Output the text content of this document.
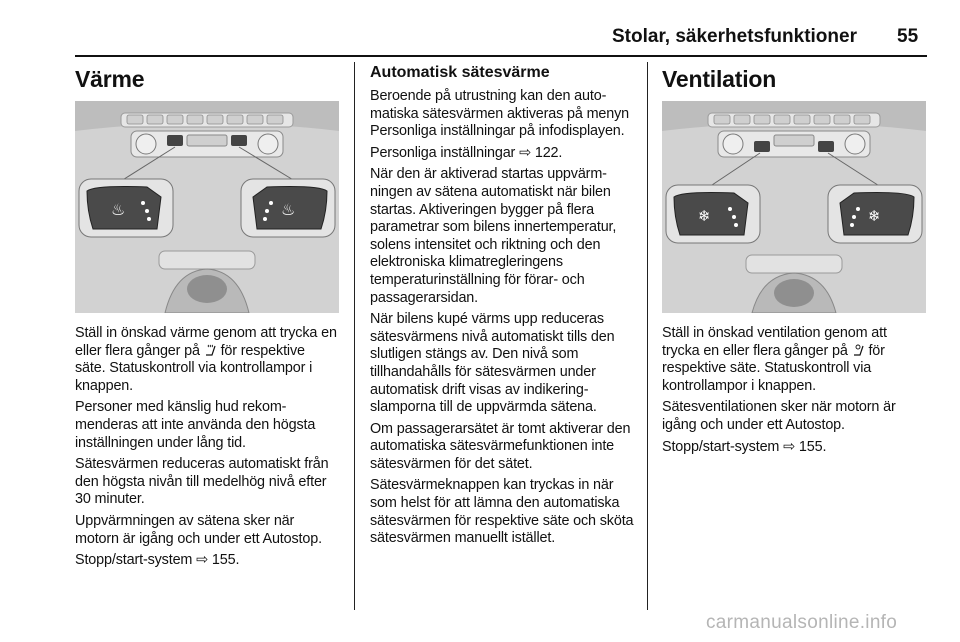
Stolar, säkerhetsfunktioner 55
Värme
♨	♨

Ställ in önskad värme genom att trycka en eller flera gånger på för respektive säte. Statuskontroll via kontrollampor i knappen.

Personer med känslig hud rekommenderas att inte använda den högsta inställningen under lång tid.

Sätesvärmen reduceras automatiskt från den högsta nivån till medelhög nivå efter 30 minuter.

Uppvärmningen av sätena sker när motorn är igång och under ett Autostop.

Stopp/start-system ⇨ 155.

Automatisk sätesvärme

Beroende på utrustning kan den automatiska sätesvärmen aktiveras på menyn Personliga inställningar på infodisplayen.

Personliga inställningar ⇨ 122.

När den är aktiverad startas uppvärmningen av sätena automatiskt när bilen startas. Aktiveringen bygger på flera parametrar som bilens innertemperatur, solens intensitet och riktning och den elektroniska klimatregleringens temperaturinställning för förar- och passagerarsidan.

När bilens kupé värms upp reduceras sätesvärmens nivå automatiskt tills den slutligen stängs av. Den nivå som tillhandahålls för sätesvärmen under automatisk drift visas av indikeringslamporna till de uppvärmda sätena.

Om passagerarsätet är tomt aktiverar den automatiska sätesvärmefunktionen inte sätesvärmen för det sätet.

Sätesvärmeknappen kan tryckas in när som helst för att lämna den automatiska sätesvärmen för respektive säte och sköta sätesvärmen manuellt istället.

Ventilation
❄	❄

Ställ in önskad ventilation genom att trycka en eller flera gånger på för respektive säte. Statuskontroll via kontrollampor i knappen.

Sätesventilationen sker när motorn är igång och under ett Autostop.

Stopp/start-system ⇨ 155.

carmanualsonline.info
